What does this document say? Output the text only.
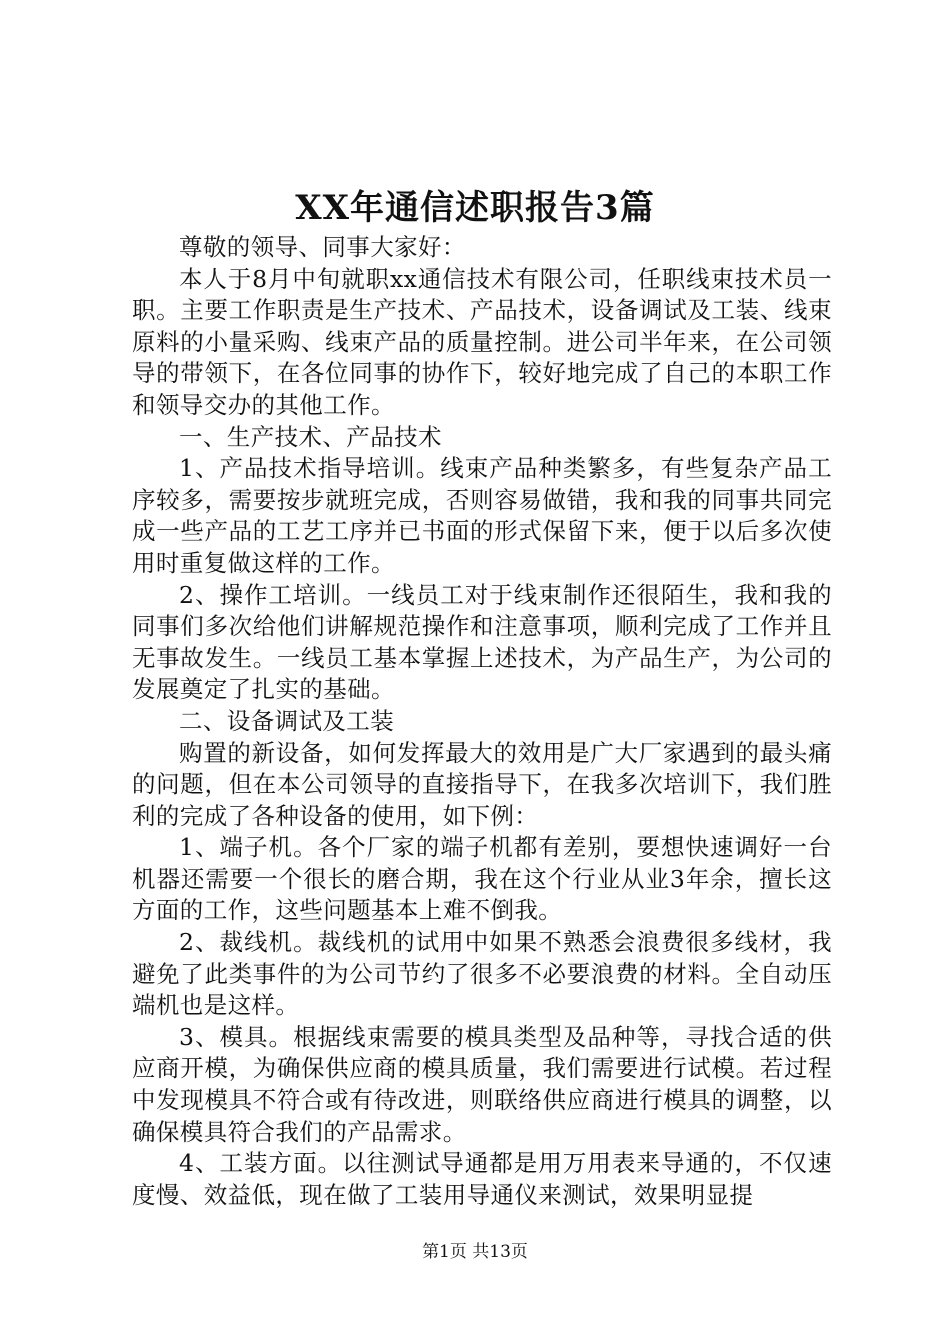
XX年通信述职报告3篇

尊敬的领导、同事大家好：

本人于8月中旬就职xx通信技术有限公司，任职线束技术员一职。主要工作职责是生产技术、产品技术，设备调试及工装、线束原料的小量采购、线束产品的质量控制。进公司半年来，在公司领导的带领下，在各位同事的协作下，较好地完成了自己的本职工作和领导交办的其他工作。

一、生产技术、产品技术

1、产品技术指导培训。线束产品种类繁多，有些复杂产品工序较多，需要按步就班完成，否则容易做错，我和我的同事共同完成一些产品的工艺工序并已书面的形式保留下来，便于以后多次使用时重复做这样的工作。

2、操作工培训。一线员工对于线束制作还很陌生，我和我的同事们多次给他们讲解规范操作和注意事项，顺利完成了工作并且无事故发生。一线员工基本掌握上述技术，为产品生产，为公司的发展奠定了扎实的基础。

二、设备调试及工装

购置的新设备，如何发挥最大的效用是广大厂家遇到的最头痛的问题，但在本公司领导的直接指导下，在我多次培训下，我们胜利的完成了各种设备的使用，如下例：

1、端子机。各个厂家的端子机都有差别，要想快速调好一台机器还需要一个很长的磨合期，我在这个行业从业3年余，擅长这方面的工作，这些问题基本上难不倒我。

2、裁线机。裁线机的试用中如果不熟悉会浪费很多线材，我避免了此类事件的为公司节约了很多不必要浪费的材料。全自动压端机也是这样。

3、模具。根据线束需要的模具类型及品种等，寻找合适的供应商开模，为确保供应商的模具质量，我们需要进行试模。若过程中发现模具不符合或有待改进，则联络供应商进行模具的调整，以确保模具符合我们的产品需求。

4、工装方面。以往测试导通都是用万用表来导通的，不仅速度慢、效益低，现在做了工装用导通仪来测试，效果明显提

第1页 共13页
